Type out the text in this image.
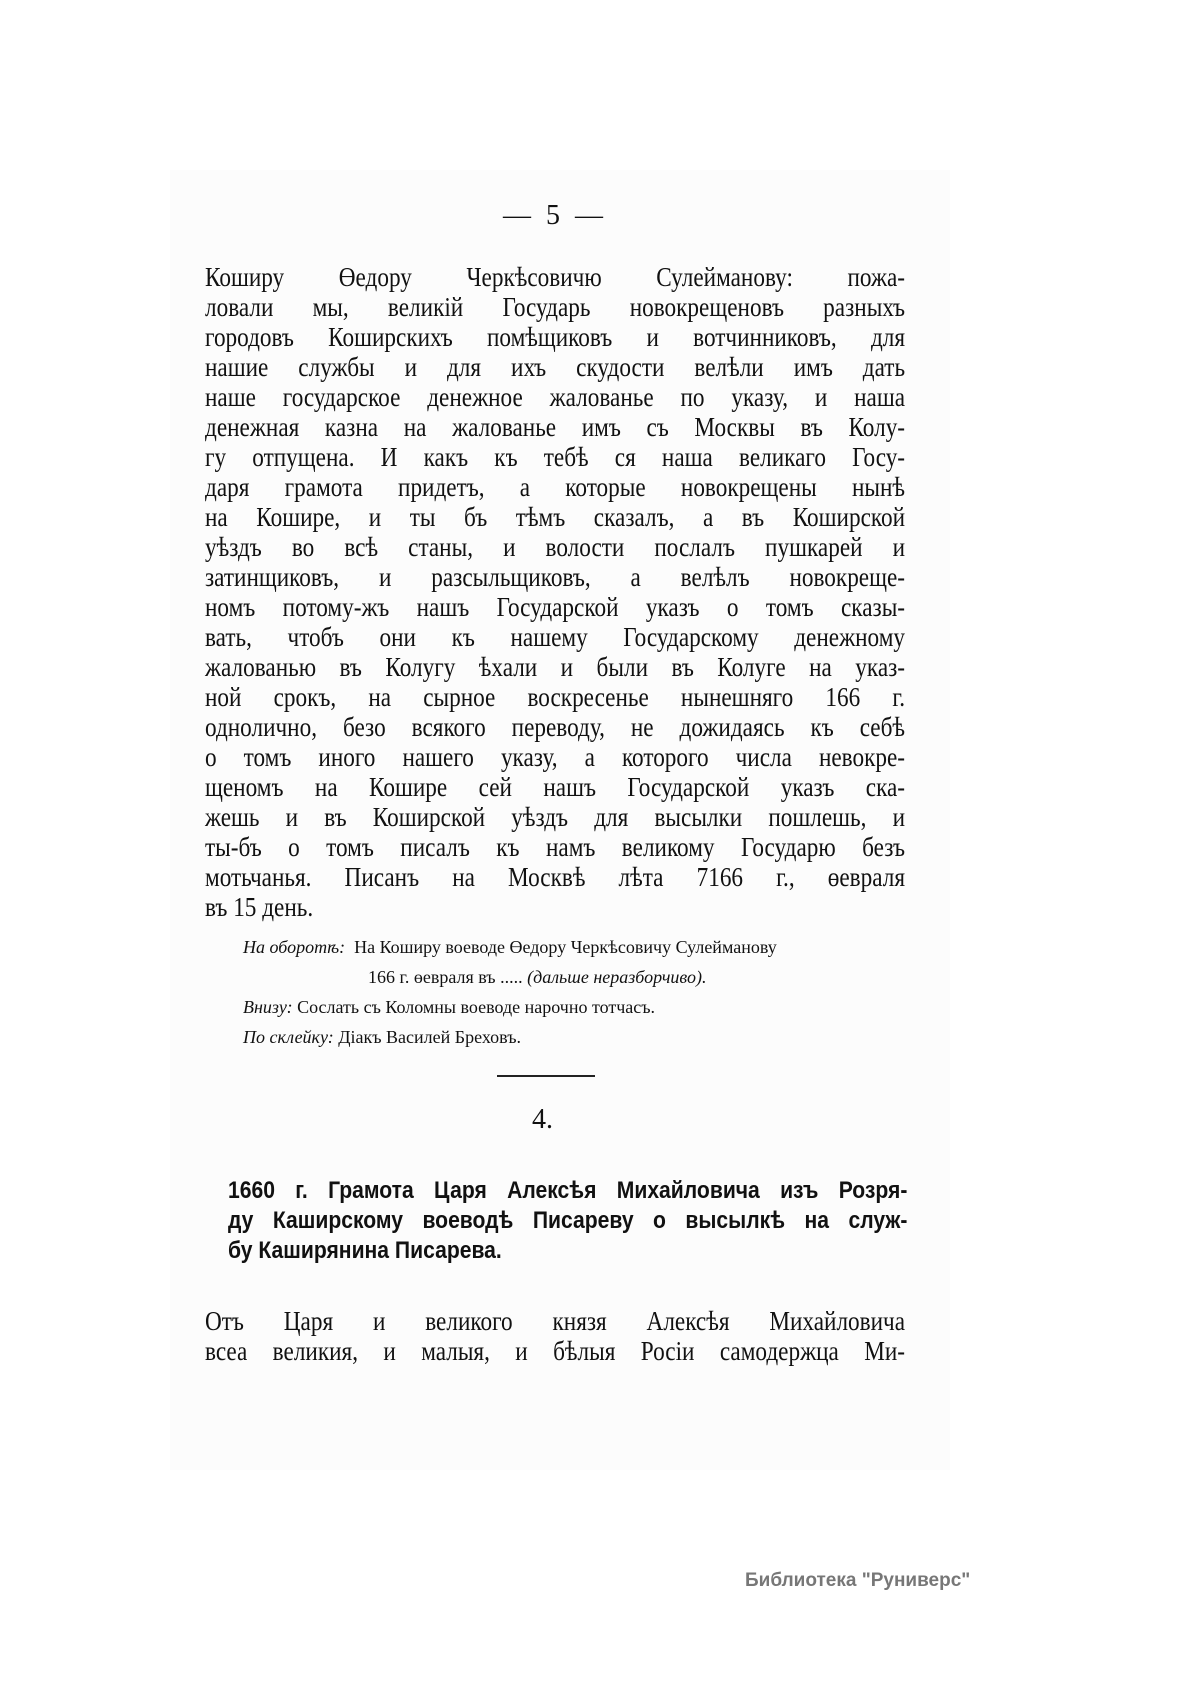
— 5 —
Коширу Өедору Черкѣсовичю Сулейманову: пожа-
ловали мы, великій Государь новокрещеновъ разныхъ
городовъ Коширскихъ помѣщиковъ и вотчинниковъ, для
нашие службы и для ихъ скудости велѣли имъ дать
наше государское денежное жалованье по указу, и наша
денежная казна на жалованье имъ съ Москвы въ Колу-
гу отпущена. И какъ къ тебѣ ся наша великаго Госу-
даря грамота придетъ, а которые новокрещены нынѣ
на Кошире, и ты бъ тѣмъ сказалъ, а въ Коширской
уѣздъ во всѣ станы, и волости послалъ пушкарей и
затинщиковъ, и разсыльщиковъ, а велѣлъ новокреще-
номъ потому-жъ нашъ Государской указъ о томъ сказы-
вать, чтобъ они къ нашему Государскому денежному
жалованью въ Колугу ѣхали и были въ Колуге на указ-
ной срокъ, на сырное воскресенье нынешняго 166 г.
однолично, безо всякого переводу, не дожидаясь къ себѣ
о томъ иного нашего указу, а которого числа невокре-
щеномъ на Кошире сей нашъ Государской указъ ска-
жешь и въ Коширской уѣздъ для высылки пошлешь, и
ты-бъ о томъ писалъ къ намъ великому Государю безъ
мотьчанья. Писанъ на Москвѣ лѣта 7166 г., өевраля
въ 15 день.
На оборотѣ: На Коширу воеводе Өедору Черкѣсовичу Сулейманову
166 г. өевраля въ ..... (дальше неразборчиво).
Внизу: Сослать съ Коломны воеводе нарочно тотчасъ.
По склейку: Діакъ Василей Бреховъ.
4.
1660 г. Грамота Царя Алексѣя Михайловича изъ Розря-
ду Каширскому воеводѣ Писареву о высылкѣ на служ-
бу Каширянина Писарева.
Отъ Царя и великого князя Алексѣя Михайловича
всеа великия, и малыя, и бѣлыя Росіи самодержца Ми-
Библиотека "Руниверс"
